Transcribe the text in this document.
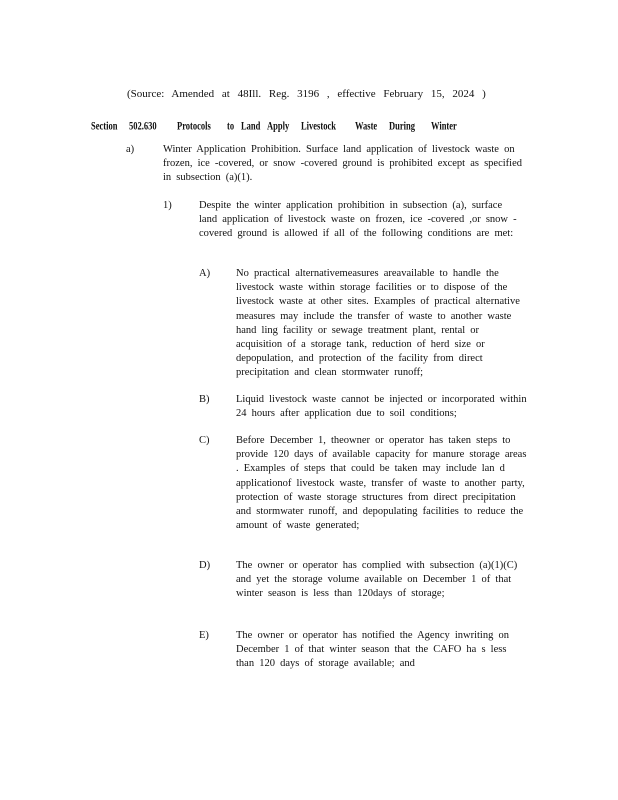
(Source: Amended at 48Ill. Reg. 3196 , effective February 15, 2024 )
Section	502.630	Protocols	to Land Apply	Livestock	Waste	During	Winter
a)	Winter Application Prohibition. Surface land application of livestock waste on frozen, ice -covered, or snow -covered ground is prohibited except as specified in subsection (a)(1).
1)	Despite the winter application prohibition in subsection (a), surface land application of livestock waste on frozen, ice -covered ,or snow -covered ground is allowed if all of the following conditions are met:
A) No practical alternativemeasures areavailable to handle the livestock waste within storage facilities or to dispose of the livestock waste at other sites. Examples of practical alternative measures may include the transfer of waste to another waste hand ling facility or sewage treatment plant, rental or acquisition of a storage tank, reduction of herd size or depopulation, and protection of the facility from direct precipitation and clean stormwater runoff;
B)	Liquid livestock waste cannot be injected or incorporated within 24 hours after application due to soil conditions;
C)	Before December 1, theowner or operator has taken steps to provide 120 days of available capacity for manure storage areas . Examples of steps that could be taken may include lan d applicationof livestock waste, transfer of waste to another party, protection of waste storage structures from direct precipitation and stormwater runoff, and depopulating facilities to reduce the amount of waste generated;
D) The owner or operator has complied with subsection (a)(1)(C) and yet the storage volume available on December 1 of that winter season is less than 120days of storage;
E)	The owner or operator has notified the Agency inwriting on December 1 of that winter season that the CAFO ha s less than 120 days of storage available; and
